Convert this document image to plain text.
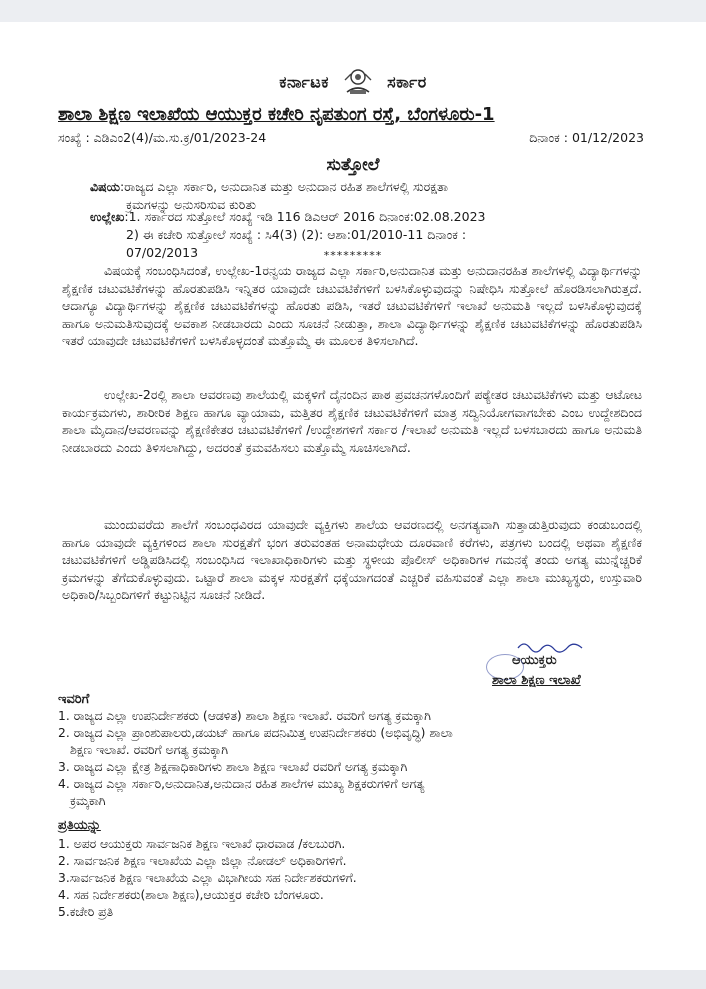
ಕರ್ನಾಟಕ	ಸರ್ಕಾರ
ಶಾಲಾ ಶಿಕ್ಷಣ ಇಲಾಖೆಯ ಆಯುಕ್ತರ ಕಚೇರಿ ನೃಪತುಂಗ ರಸ್ತೆ, ಬೆಂಗಳೂರು-1
ಸಂಖ್ಯೆ : ಎಡಿಎಂ2(4)/ಮ.ಸು.ಕ್ರ/01/2023-24	ದಿನಾಂಕ : 01/12/2023
ಸುತ್ತೋಲೆ
ವಿಷಯ:ರಾಜ್ಯದ ಎಲ್ಲಾ ಸರ್ಕಾರಿ, ಅನುದಾನಿತ ಮತ್ತು ಅನುದಾನ ರಹಿತ ಶಾಲೆಗಳಲ್ಲಿ ಸುರಕ್ಷತಾ
ಕ್ರಮಗಳನ್ನು ಅನುಸರಿಸುವ ಕುರಿತು
ಉಲ್ಲೇಖ:1. ಸರ್ಕಾರದ ಸುತ್ತೋಲೆ ಸಂಖ್ಯೆ ಇಡಿ 116 ಡಿಎಆರ್ 2016 ದಿನಾಂಕ:02.08.2023
2) ಈ ಕಚೇರಿ ಸುತ್ತೋಲೆ ಸಂಖ್ಯೆ : ಸಿ4(3) (2): ಆಶಾ:01/2010-11 ದಿನಾಂಕ :
07/02/2013	*********

ವಿಷಯಕ್ಕೆ ಸಂಬಂಧಿಸಿದಂತೆ, ಉಲ್ಲೇಖ-1ರನ್ವಯ ರಾಜ್ಯದ ಎಲ್ಲಾ ಸರ್ಕಾರಿ,ಅನುದಾನಿತ ಮತ್ತು ಅನುದಾನರಹಿತ ಶಾಲೆಗಳಲ್ಲಿ ವಿದ್ಯಾರ್ಥಿಗಳನ್ನು ಶೈಕ್ಷಣಿಕ ಚಟುವಟಿಕೆಗಳನ್ನು ಹೊರತುಪಡಿಸಿ ಇನ್ನಿತರ ಯಾವುದೇ ಚಟುವಟಿಕೆಗಳಿಗೆ ಬಳಸಿಕೊಳ್ಳುವುದನ್ನು ನಿಷೇಧಿಸಿ ಸುತ್ತೋಲೆ ಹೊರಡಿಸಲಾಗಿರುತ್ತದೆ. ಆದಾಗ್ಯೂ ವಿದ್ಯಾರ್ಥಿಗಳನ್ನು ಶೈಕ್ಷಣಿಕ ಚಟುವಟಿಕೆಗಳನ್ನು ಹೊರತು ಪಡಿಸಿ, ಇತರೆ ಚಟುವಟಿಕೆಗಳಿಗೆ ಇಲಾಖೆ ಅನುಮತಿ ಇಲ್ಲದೆ ಬಳಸಿಕೊಳ್ಳುವುದಕ್ಕೆ ಹಾಗೂ ಅನುಮತಿಸುವುದಕ್ಕೆ ಅವಕಾಶ ನೀಡಬಾರದು ಎಂದು ಸೂಚನೆ ನೀಡುತ್ತಾ, ಶಾಲಾ ವಿದ್ಯಾರ್ಥಿಗಳನ್ನು ಶೈಕ್ಷಣಿಕ ಚಟುವಟಿಕೆಗಳನ್ನು ಹೊರತುಪಡಿಸಿ ಇತರೆ ಯಾವುದೇ ಚಟುವಟಿಕೆಗಳಿಗೆ ಬಳಸಿಕೊಳ್ಳದಂತೆ ಮತ್ತೊಮ್ಮೆ ಈ ಮೂಲಕ ತಿಳಿಸಲಾಗಿದೆ.

ಉಲ್ಲೇಖ-2ರಲ್ಲಿ ಶಾಲಾ ಆವರಣವು ಶಾಲೆಯಲ್ಲಿ ಮಕ್ಕಳಿಗೆ ದೈನಂದಿನ ಪಾಠ ಪ್ರವಚನಗಳೊಂದಿಗೆ ಪಠ್ಯೇತರ ಚಟುವಟಿಕೆಗಳು ಮತ್ತು ಆಟೋಟ ಕಾರ್ಯಕ್ರಮಗಳು, ಶಾರೀರಿಕ ಶಿಕ್ಷಣ ಹಾಗೂ ವ್ಯಾಯಾಮ, ಮತ್ತಿತರ ಶೈಕ್ಷಣಿಕ ಚಟುವಟಿಕೆಗಳಿಗೆ ಮಾತ್ರ ಸದ್ವಿನಿಯೋಗವಾಗಬೇಕು ಎಂಬ ಉದ್ದೇಶದಿಂದ ಶಾಲಾ ಮೈದಾನ/ಆವರಣವನ್ನು ಶೈಕ್ಷಣಿಕೇತರ ಚಟುವಟಿಕೆಗಳಿಗೆ /ಉದ್ದೇಶಗಳಿಗೆ ಸರ್ಕಾರ /ಇಲಾಖೆ ಅನುಮತಿ ಇಲ್ಲದೆ ಬಳಸಬಾರದು ಹಾಗೂ ಅನುಮತಿ ನೀಡಬಾರದು ಎಂದು ತಿಳಿಸಲಾಗಿದ್ದು, ಅದರಂತೆ ಕ್ರಮವಹಿಸಲು ಮತ್ತೊಮ್ಮೆ ಸೂಚಿಸಲಾಗಿದೆ.

ಮುಂದುವರೆದು ಶಾಲೆಗೆ ಸಂಬಂಧವಿರದ ಯಾವುದೇ ವ್ಯಕ್ತಿಗಳು ಶಾಲೆಯ ಆವರಣದಲ್ಲಿ ಅನಗತ್ಯವಾಗಿ ಸುತ್ತಾಡುತ್ತಿರುವುದು ಕಂಡುಬಂದಲ್ಲಿ ಹಾಗೂ ಯಾವುದೇ ವ್ಯಕ್ತಿಗಳಿಂದ ಶಾಲಾ ಸುರಕ್ಷತೆಗೆ ಭಂಗ ತರುವಂತಹ ಅನಾಮಧೇಯ ದೂರವಾಣಿ ಕರೆಗಳು, ಪತ್ರಗಳು ಬಂದಲ್ಲಿ ಅಥವಾ ಶೈಕ್ಷಣಿಕ ಚಟುವಟಿಕೆಗಳಿಗೆ ಅಡ್ಡಿಪಡಿಸಿದಲ್ಲಿ ಸಂಬಂಧಿಸಿದ ಇಲಾಖಾಧಿಕಾರಿಗಳು ಮತ್ತು ಸ್ಥಳೀಯ ಪೊಲೀಸ್ ಅಧಿಕಾರಿಗಳ ಗಮನಕ್ಕೆ ತಂದು ಅಗತ್ಯ ಮುನ್ನೆಚ್ಚರಿಕೆ ಕ್ರಮಗಳನ್ನು ತೆಗೆದುಕೊಳ್ಳುವುದು. ಒಟ್ಟಾರೆ ಶಾಲಾ ಮಕ್ಕಳ ಸುರಕ್ಷತೆಗೆ ಧಕ್ಕೆಯಾಗದಂತೆ ಎಚ್ಚರಿಕೆ ವಹಿಸುವಂತೆ ಎಲ್ಲಾ ಶಾಲಾ ಮುಖ್ಯಸ್ಥರು, ಉಸ್ತುವಾರಿ ಅಧಿಕಾರಿ/ಸಿಬ್ಬಂದಿಗಳಿಗೆ ಕಟ್ಟುನಿಟ್ಟಿನ ಸೂಚನೆ ನೀಡಿದೆ.

ಆಯುಕ್ತರು
ಶಾಲಾ ಶಿಕ್ಷಣ ಇಲಾಖೆ
ಇವರಿಗೆ
1. ರಾಜ್ಯದ ಎಲ್ಲಾ ಉಪನಿರ್ದೇಶಕರು (ಆಡಳಿತ) ಶಾಲಾ ಶಿಕ್ಷಣ ಇಲಾಖೆ. ರವರಿಗೆ ಅಗತ್ಯ ಕ್ರಮಕ್ಕಾಗಿ
2. ರಾಜ್ಯದ ಎಲ್ಲಾ ಪ್ರಾಂಶುಪಾಲರು,ಡಯಟ್ ಹಾಗೂ ಪದನಿಮಿತ್ತ ಉಪನಿರ್ದೇಶಕರು (ಅಭಿವೃದ್ಧಿ) ಶಾಲಾ
ಶಿಕ್ಷಣ ಇಲಾಖೆ. ರವರಿಗೆ ಅಗತ್ಯ ಕ್ರಮಕ್ಕಾಗಿ
3. ರಾಜ್ಯದ ಎಲ್ಲಾ ಕ್ಷೇತ್ರ ಶಿಕ್ಷಣಾಧಿಕಾರಿಗಳು ಶಾಲಾ ಶಿಕ್ಷಣ ಇಲಾಖೆ ರವರಿಗೆ ಅಗತ್ಯ ಕ್ರಮಕ್ಕಾಗಿ
4. ರಾಜ್ಯದ ಎಲ್ಲಾ ಸರ್ಕಾರಿ,ಅನುದಾನಿತ,ಅನುದಾನ ರಹಿತ ಶಾಲೆಗಳ ಮುಖ್ಯ ಶಿಕ್ಷಕರುಗಳಿಗೆ ಅಗತ್ಯ
ಕ್ರಮ್ಕಕಾಗಿ
ಪ್ರತಿಯನ್ನು
1. ಅಪರ ಆಯುಕ್ತರು ಸಾರ್ವಜನಿಕ ಶಿಕ್ಷಣ ಇಲಾಖೆ ಧಾರವಾಡ /ಕಲಬುರಗಿ.
2. ಸಾರ್ವಜನಿಕ ಶಿಕ್ಷಣ ಇಲಾಖೆಯ ಎಲ್ಲಾ ಜಿಲ್ಲಾ ನೋಡಲ್ ಅಧಿಕಾರಿಗಳಿಗೆ.
3.ಸಾರ್ವಜನಿಕ ಶಿಕ್ಷಣ ಇಲಾಖೆಯ ಎಲ್ಲಾ ವಿಭಾಗೀಯ ಸಹ ನಿರ್ದೇಶಕರುಗಳಿಗೆ.
4. ಸಹ ನಿರ್ದೇಶಕರು(ಶಾಲಾ ಶಿಕ್ಷಣ),ಆಯುಕ್ತರ ಕಚೇರಿ ಬೆಂಗಳೂರು.
5.ಕಚೇರಿ ಪ್ರತಿ
